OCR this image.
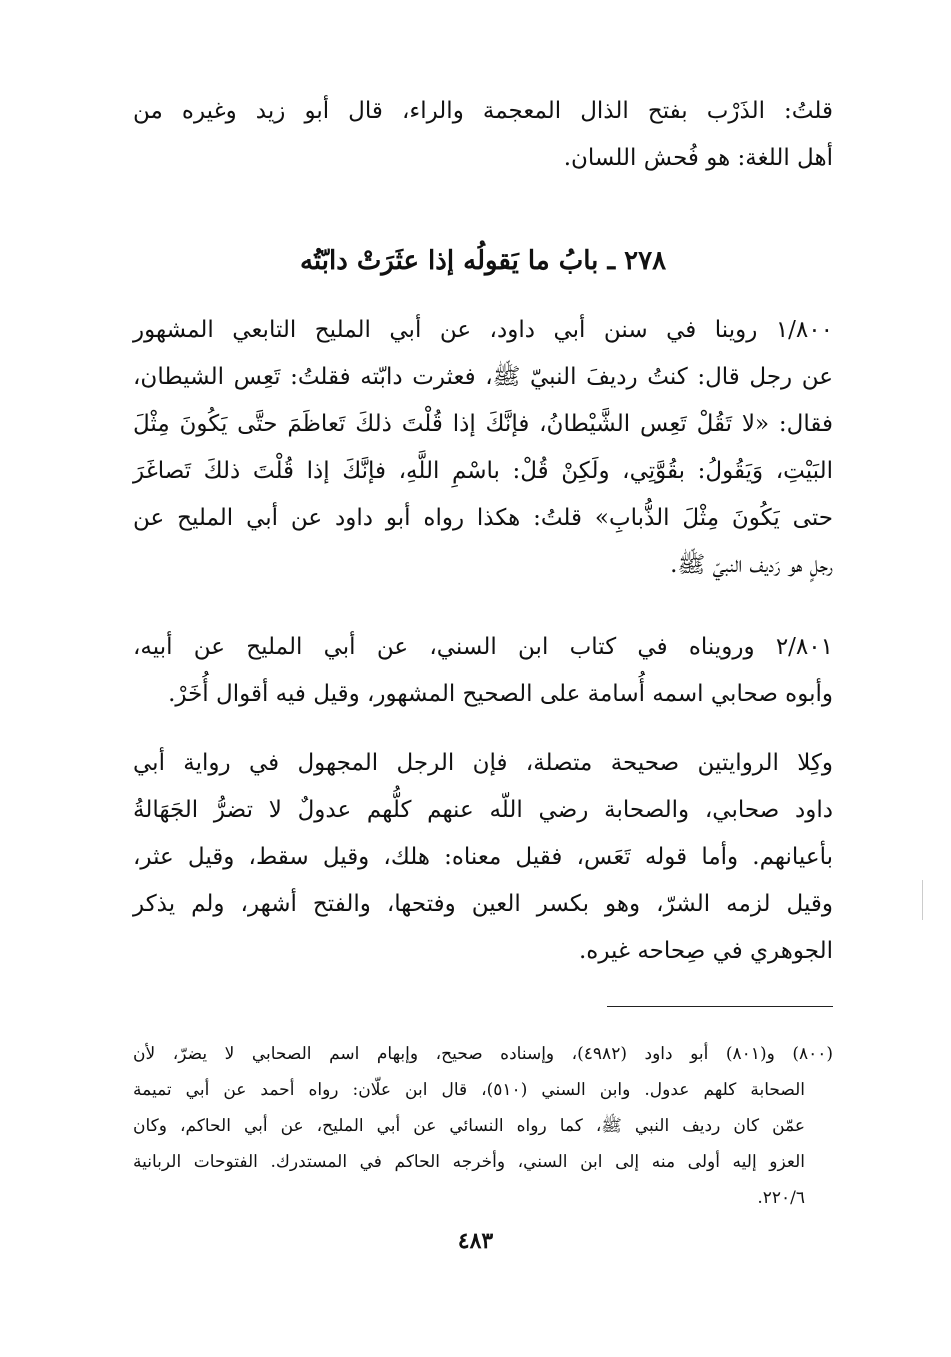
قلتُ: الذَرْب بفتح الذال المعجمة والراء، قال أبو زيد وغيره من
أهل اللغة: هو فُحش اللسان.
٢٧٨ ـ بابُ ما يَقولُه إذا عثَرَتْ دابّتُه
١/٨٠٠ روينا في سنن أبي داود، عن أبي المليح التابعي المشهور
عن رجل قال: كنتُ رديفَ النبيّ ﷺ، فعثرت دابّته فقلتُ: تَعِس الشيطان،
فقال: «لا تَقُلْ تَعِس الشَّيْطانُ، فإنَّكَ إذا قُلْتَ ذلكَ تَعاظَمَ حتَّى يَكُونَ مِثْلَ
البَيْتِ، وَيَقُولُ: بقُوَّتِي، ولَكِنْ قُلْ: باسْمِ اللَّهِ، فإنَّكَ إذا قُلْتَ ذلكَ تَصاغَرَ
حتى يَكُونَ مِثْلَ الذُّبابِ» قلتُ: هكذا رواه أبو داود عن أبي المليح عن
رجلٍ هو رَديف النبيّ ﷺ.
٢/٨٠١ ورويناه في كتاب ابن السني، عن أبي المليح عن أبيه،
وأبوه صحابي اسمه أُسامة على الصحيح المشهور، وقيل فيه أقوال أُخَرْ.
وكِلا الروايتين صحيحة متصلة، فإن الرجل المجهول في رواية أبي
داود صحابي، والصحابة رضي اللّه عنهم كلُّهم عدولٌ لا تضرُّ الجَهَالةُ
بأعيانهم. وأما قوله تَعَس، فقيل معناه: هلك، وقيل سقط، وقيل عثر،
وقيل لزمه الشرّ، وهو بكسر العين وفتحها، والفتح أشهر، ولم يذكر
الجوهري في صِحاحه غيره.
(٨٠٠) و(٨٠١) أبو داود (٤٩٨٢)، وإسناده صحيح، وإبهام اسم الصحابي لا يضرّ، لأن
الصحابة كلهم عدول. وابن السني (٥١٠)، قال ابن علّان: رواه أحمد عن أبي تميمة
عمّن كان رديف النبي ﷺ، كما رواه النسائي عن أبي المليح، عن أبي الحاكم، وكان
العزو إليه أولى منه إلى ابن السني، وأخرجه الحاكم في المستدرك. الفتوحات الربانية
٢٢٠/٦.
٤٨٣
